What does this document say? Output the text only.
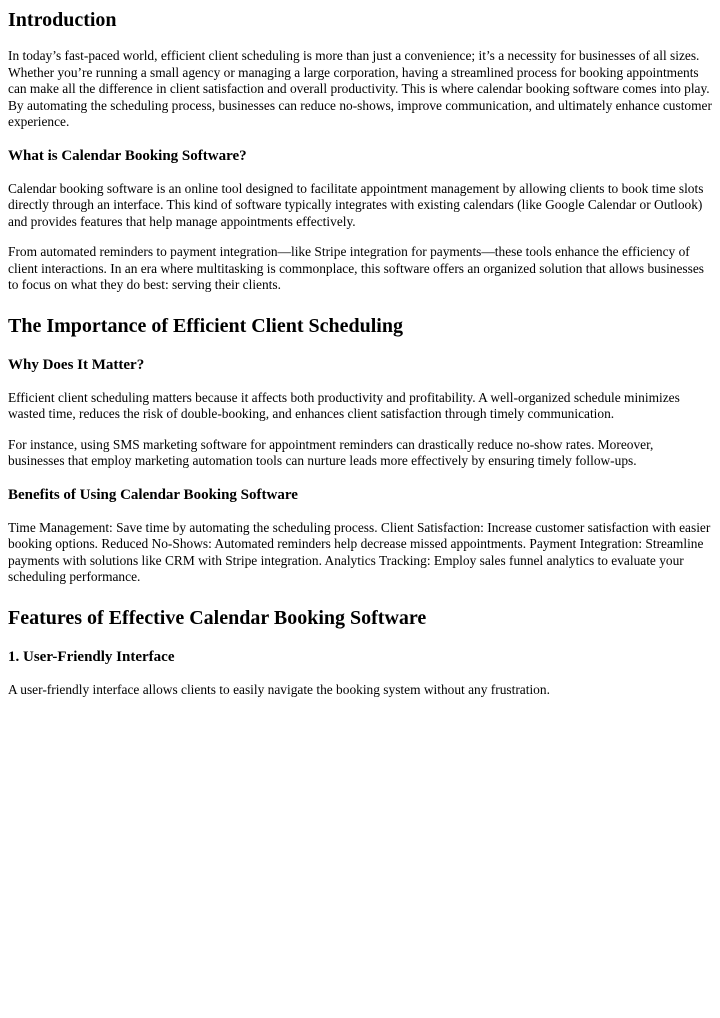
Introduction

In today’s fast-paced world, efficient client scheduling is more than just a convenience; it’s a necessity for businesses of all sizes. Whether you’re running a small agency or managing a large corporation, having a streamlined process for booking appointments can make all the difference in client satisfaction and overall productivity. This is where calendar booking software comes into play. By automating the scheduling process, businesses can reduce no-shows, improve communication, and ultimately enhance customer experience.

What is Calendar Booking Software?

Calendar booking software is an online tool designed to facilitate appointment management by allowing clients to book time slots directly through an interface. This kind of software typically integrates with existing calendars (like Google Calendar or Outlook) and provides features that help manage appointments effectively.

From automated reminders to payment integration—like Stripe integration for payments—these tools enhance the efficiency of client interactions. In an era where multitasking is commonplace, this software offers an organized solution that allows businesses to focus on what they do best: serving their clients.

The Importance of Efficient Client Scheduling
Why Does It Matter?

Efficient client scheduling matters because it affects both productivity and profitability. A well-organized schedule minimizes wasted time, reduces the risk of double-booking, and enhances client satisfaction through timely communication.

For instance, using SMS marketing software for appointment reminders can drastically reduce no-show rates. Moreover, businesses that employ marketing automation tools can nurture leads more effectively by ensuring timely follow-ups.

Benefits of Using Calendar Booking Software

Time Management: Save time by automating the scheduling process. Client Satisfaction: Increase customer satisfaction with easier booking options. Reduced No-Shows: Automated reminders help decrease missed appointments. Payment Integration: Streamline payments with solutions like CRM with Stripe integration. Analytics Tracking: Employ sales funnel analytics to evaluate your scheduling performance.

Features of Effective Calendar Booking Software
1. User-Friendly Interface

A user-friendly interface allows clients to easily navigate the booking system without any frustration.
